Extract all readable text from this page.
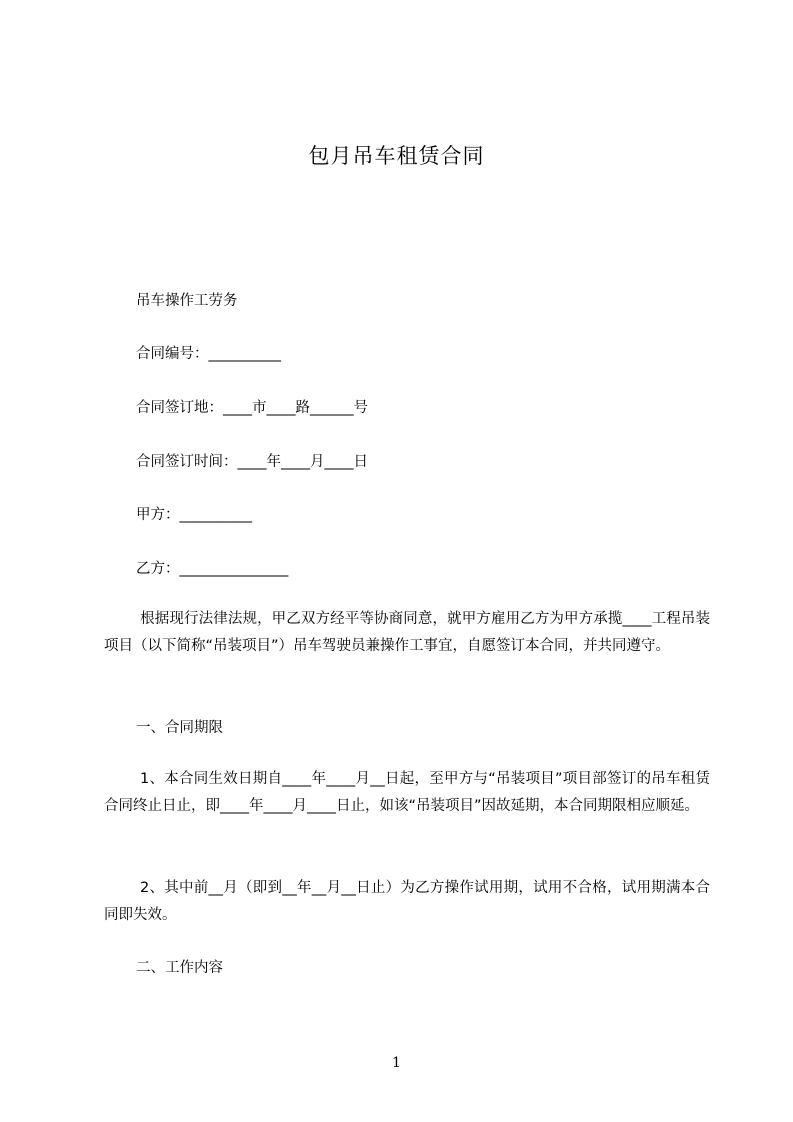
包月吊车租赁合同
吊车操作工劳务
合同编号：__________
合同签订地：____市____路______号
合同签订时间：____年____月____日
甲方：__________
乙方：_______________
根据现行法律法规，甲乙双方经平等协商同意，就甲方雇用乙方为甲方承揽____工程吊装项目（以下简称“吊装项目”）吊车驾驶员兼操作工事宜，自愿签订本合同，并共同遵守。
一、合同期限
1、本合同生效日期自____年____月__日起，至甲方与“吊装项目”项目部签订的吊车租赁合同终止日止，即____年____月____日止，如该“吊装项目”因故延期，本合同期限相应顺延。
2、其中前__月（即到__年__月__日止）为乙方操作试用期，试用不合格，试用期满本合同即失效。
二、工作内容
1
